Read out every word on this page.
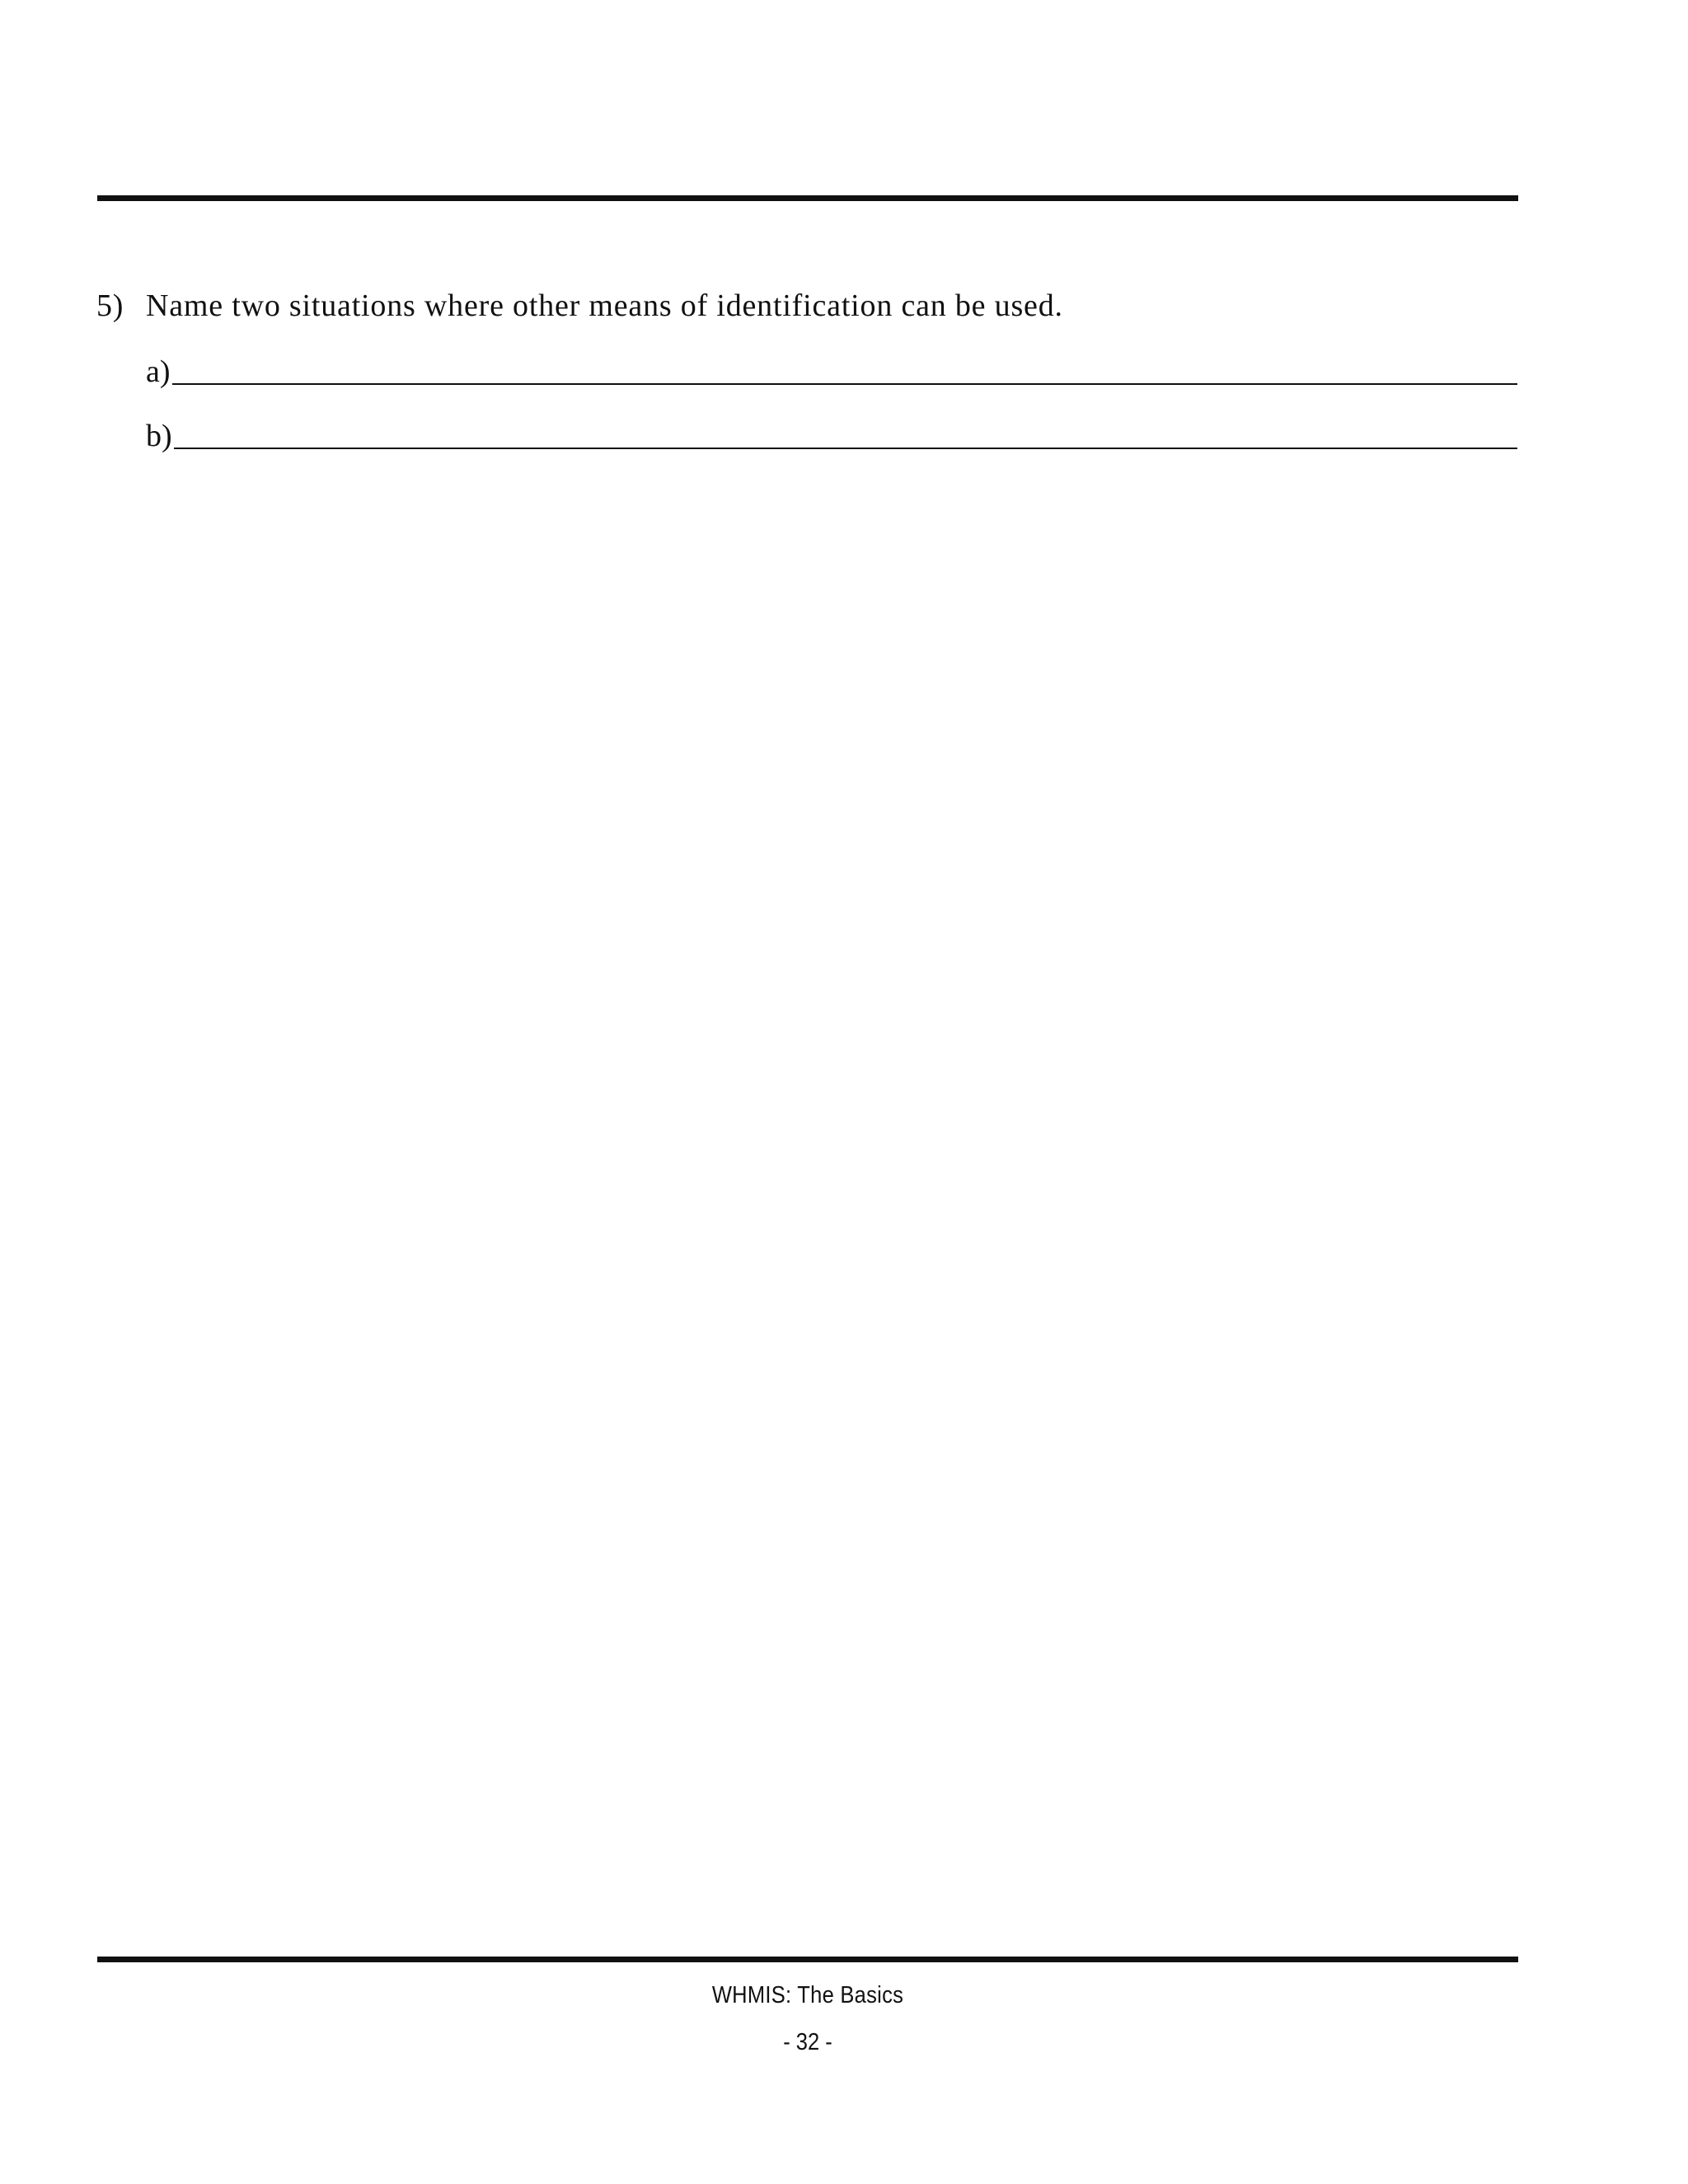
5) Name two situations where other means of identification can be used.
a)
b)
WHMIS: The Basics
- 32 -
